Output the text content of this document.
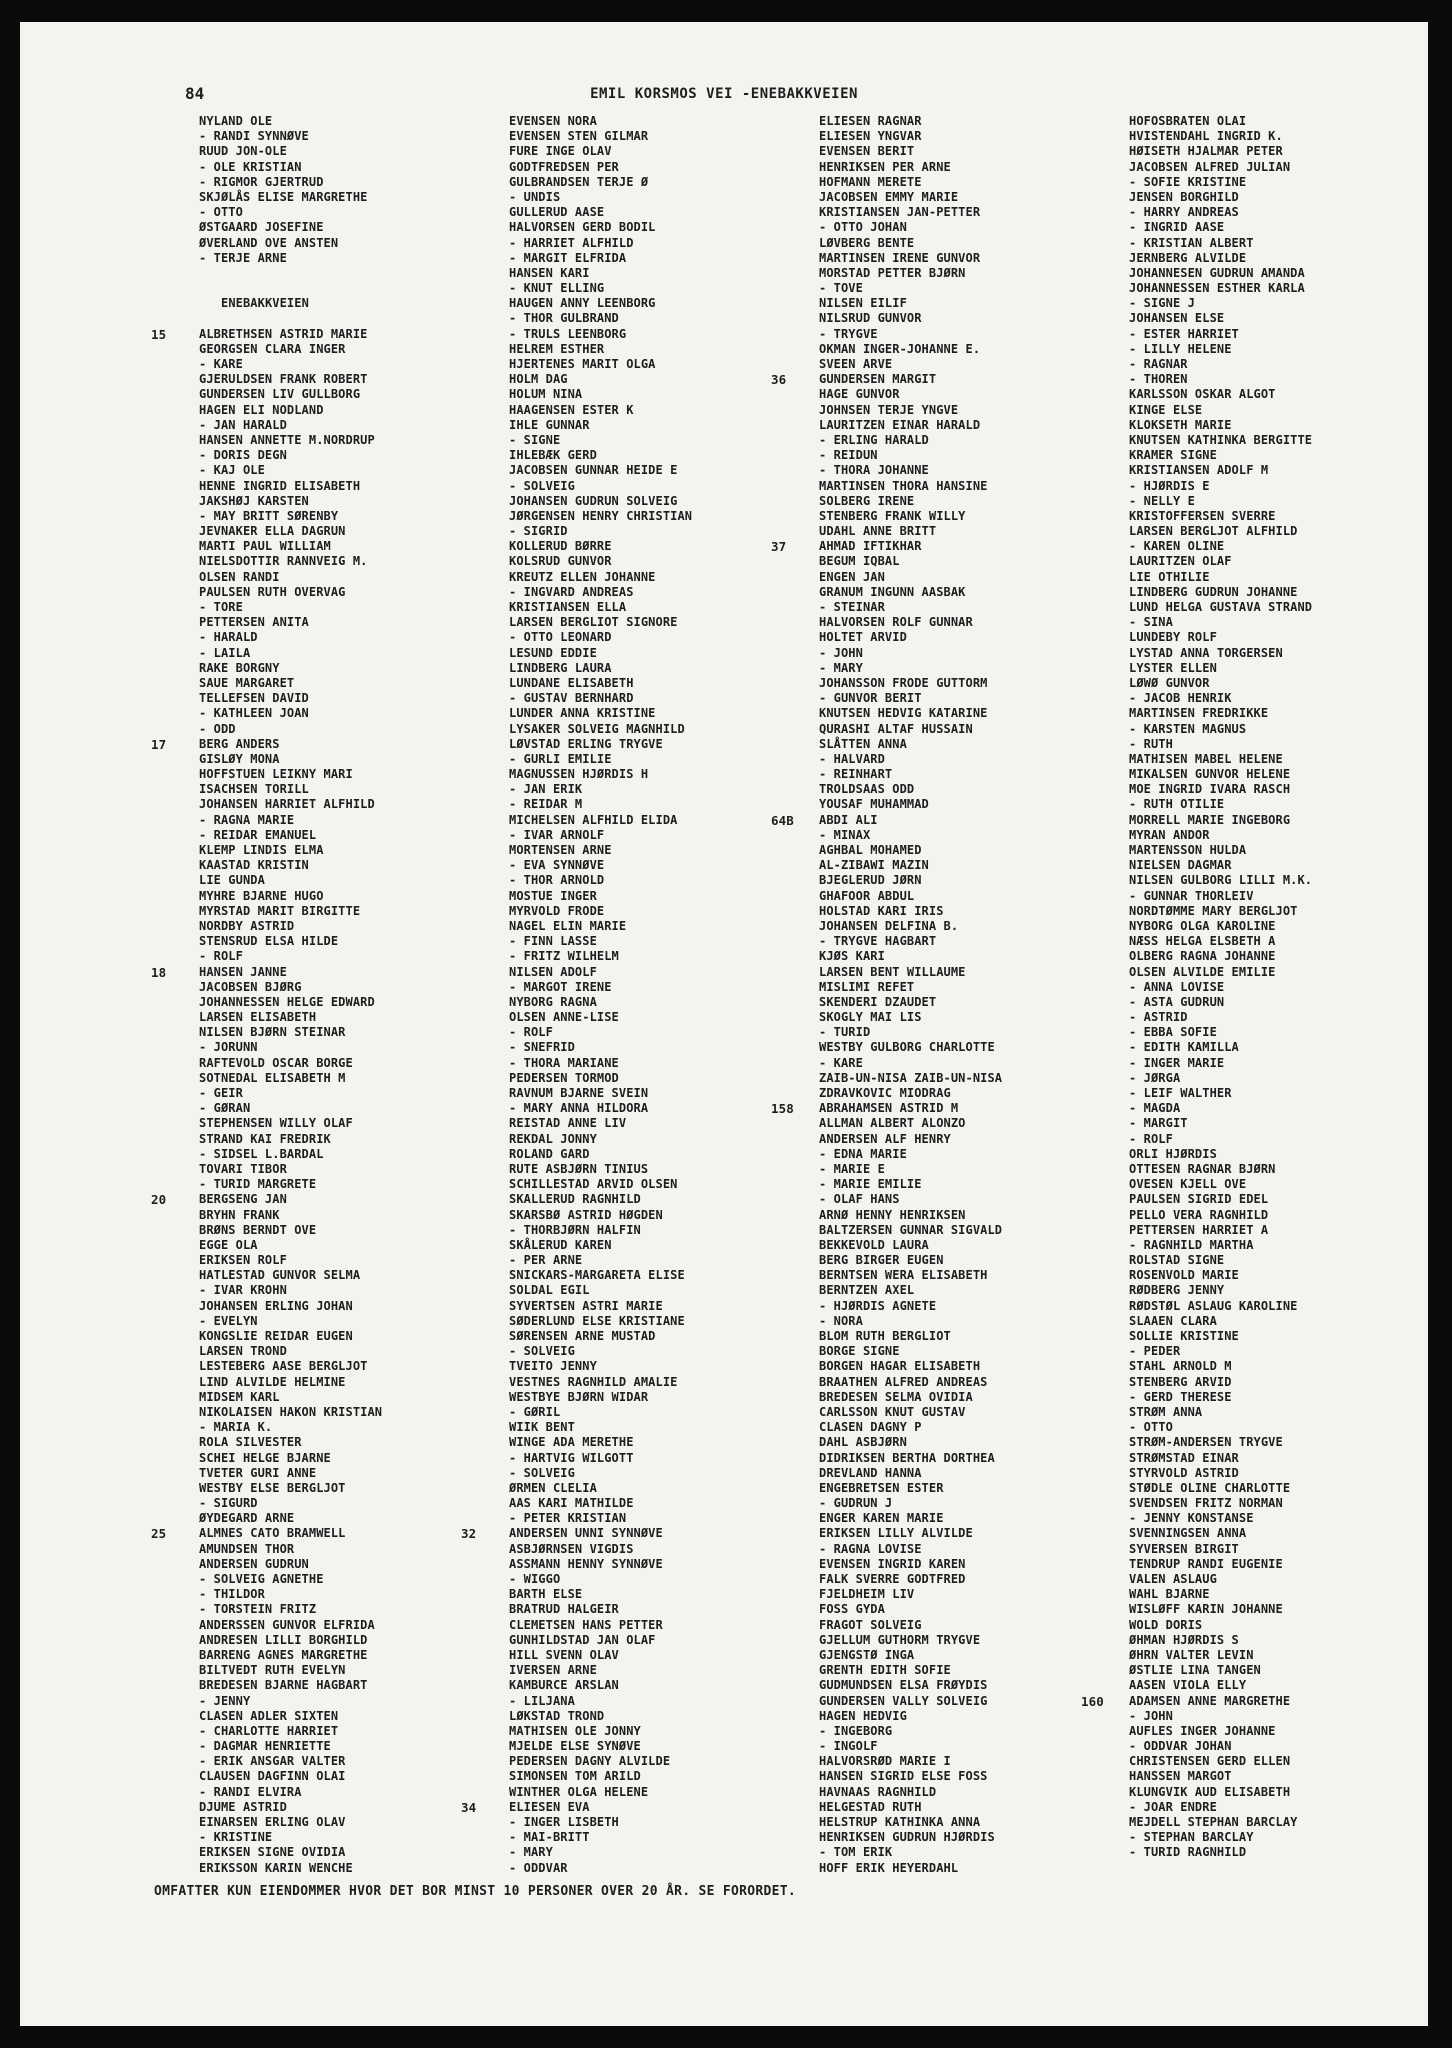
84	EMIL KORSMOS VEI -ENEBAKKVEIEN
NYLAND OLE
- RANDI SYNNØVE
RUUD JON-OLE
- OLE KRISTIAN
- RIGMOR GJERTRUD
SKJØLÅS ELISE MARGRETHE
- OTTO
ØSTGAARD JOSEFINE
ØVERLAND OVE ANSTEN
- TERJE ARNE
ENEBAKKVEIEN
15	ALBRETHSEN ASTRID MARIE
GEORGSEN CLARA INGER
- KARE
GJERULDSEN FRANK ROBERT
GUNDERSEN LIV GULLBORG
HAGEN ELI NODLAND
- JAN HARALD
HANSEN ANNETTE M.NORDRUP
- DORIS DEGN
- KAJ OLE
HENNE INGRID ELISABETH
JAKSHØJ KARSTEN
- MAY BRITT SØRENBY
JEVNAKER ELLA DAGRUN
MARTI PAUL WILLIAM
NIELSDOTTIR RANNVEIG M.
OLSEN RANDI
PAULSEN RUTH OVERVAG
- TORE
PETTERSEN ANITA
- HARALD
- LAILA
RAKE BORGNY
SAUE MARGARET
TELLEFSEN DAVID
- KATHLEEN JOAN
- ODD
17	BERG ANDERS
GISLØY MONA
HOFFSTUEN LEIKNY MARI
ISACHSEN TORILL
JOHANSEN HARRIET ALFHILD
- RAGNA MARIE
- REIDAR EMANUEL
KLEMP LINDIS ELMA
KAASTAD KRISTIN
LIE GUNDA
MYHRE BJARNE HUGO
MYRSTAD MARIT BIRGITTE
NORDBY ASTRID
STENSRUD ELSA HILDE
- ROLF
18	HANSEN JANNE
JACOBSEN BJØRG
JOHANNESSEN HELGE EDWARD
LARSEN ELISABETH
NILSEN BJØRN STEINAR
- JORUNN
RAFTEVOLD OSCAR BORGE
SOTNEDAL ELISABETH M
- GEIR
- GØRAN
STEPHENSEN WILLY OLAF
STRAND KAI FREDRIK
- SIDSEL L.BARDAL
TOVARI TIBOR
- TURID MARGRETE
20	BERGSENG JAN
BRYHN FRANK
BRØNS BERNDT OVE
EGGE OLA
ERIKSEN ROLF
HATLESTAD GUNVOR SELMA
- IVAR KROHN
JOHANSEN ERLING JOHAN
- EVELYN
KONGSLIE REIDAR EUGEN
LARSEN TROND
LESTEBERG AASE BERGLJOT
LIND ALVILDE HELMINE
MIDSEM KARL
NIKOLAISEN HAKON KRISTIAN
- MARIA K.
ROLA SILVESTER
SCHEI HELGE BJARNE
TVETER GURI ANNE
WESTBY ELSE BERGLJOT
- SIGURD
ØYDEGARD ARNE
25	ALMNES CATO BRAMWELL
AMUNDSEN THOR
ANDERSEN GUDRUN
- SOLVEIG AGNETHE
- THILDOR
- TORSTEIN FRITZ
ANDERSSEN GUNVOR ELFRIDA
ANDRESEN LILLI BORGHILD
BARRENG AGNES MARGRETHE
BILTVEDT RUTH EVELYN
BREDESEN BJARNE HAGBART
- JENNY
CLASEN ADLER SIXTEN
- CHARLOTTE HARRIET
- DAGMAR HENRIETTE
- ERIK ANSGAR VALTER
CLAUSEN DAGFINN OLAI
- RANDI ELVIRA
DJUME ASTRID
EINARSEN ERLING OLAV
- KRISTINE
ERIKSEN SIGNE OVIDIA
ERIKSSON KARIN WENCHE
EVENSEN NORA
EVENSEN STEN GILMAR
FURE INGE OLAV
GODTFREDSEN PER
GULBRANDSEN TERJE Ø
- UNDIS
GULLERUD AASE
HALVORSEN GERD BODIL
- HARRIET ALFHILD
- MARGIT ELFRIDA
HANSEN KARI
- KNUT ELLING
HAUGEN ANNY LEENBORG
- THOR GULBRAND
- TRULS LEENBORG
HELREM ESTHER
HJERTENES MARIT OLGA
HOLM DAG
HOLUM NINA
HAAGENSEN ESTER K
IHLE GUNNAR
- SIGNE
IHLEBÆK GERD
JACOBSEN GUNNAR HEIDE E
- SOLVEIG
JOHANSEN GUDRUN SOLVEIG
JØRGENSEN HENRY CHRISTIAN
- SIGRID
KOLLERUD BØRRE
KOLSRUD GUNVOR
KREUTZ ELLEN JOHANNE
- INGVARD ANDREAS
KRISTIANSEN ELLA
LARSEN BERGLIOT SIGNORE
- OTTO LEONARD
LESUND EDDIE
LINDBERG LAURA
LUNDANE ELISABETH
- GUSTAV BERNHARD
LUNDER ANNA KRISTINE
LYSAKER SOLVEIG MAGNHILD
LØVSTAD ERLING TRYGVE
- GURLI EMILIE
MAGNUSSEN HJØRDIS H
- JAN ERIK
- REIDAR M
MICHELSEN ALFHILD ELIDA
- IVAR ARNOLF
MORTENSEN ARNE
- EVA SYNNØVE
- THOR ARNOLD
MOSTUE INGER
MYRVOLD FRODE
NAGEL ELIN MARIE
- FINN LASSE
- FRITZ WILHELM
NILSEN ADOLF
- MARGOT IRENE
NYBORG RAGNA
OLSEN ANNE-LISE
- ROLF
- SNEFRID
- THORA MARIANE
PEDERSEN TORMOD
RAVNUM BJARNE SVEIN
- MARY ANNA HILDORA
REISTAD ANNE LIV
REKDAL JONNY
ROLAND GARD
RUTE ASBJØRN TINIUS
SCHILLESTAD ARVID OLSEN
SKALLERUD RAGNHILD
SKARSBØ ASTRID HØGDEN
- THORBJØRN HALFIN
SKÅLERUD KAREN
- PER ARNE
SNICKARS-MARGARETA ELISE
SOLDAL EGIL
SYVERTSEN ASTRI MARIE
SØDERLUND ELSE KRISTIANE
SØRENSEN ARNE MUSTAD
- SOLVEIG
TVEITO JENNY
VESTNES RAGNHILD AMALIE
WESTBYE BJØRN WIDAR
- GØRIL
WIIK BENT
WINGE ADA MERETHE
- HARTVIG WILGOTT
- SOLVEIG
ØRMEN CLELIA
AAS KARI MATHILDE
- PETER KRISTIAN
32	ANDERSEN UNNI SYNNØVE
ASBJØRNSEN VIGDIS
ASSMANN HENNY SYNNØVE
- WIGGO
BARTH ELSE
BRATRUD HALGEIR
CLEMETSEN HANS PETTER
GUNHILDSTAD JAN OLAF
HILL SVENN OLAV
IVERSEN ARNE
KAMBURCE ARSLAN
- LILJANA
LØKSTAD TROND
MATHISEN OLE JONNY
MJELDE ELSE SYNØVE
PEDERSEN DAGNY ALVILDE
SIMONSEN TOM ARILD
WINTHER OLGA HELENE
34	ELIESEN EVA
- INGER LISBETH
- MAI-BRITT
- MARY
- ODDVAR
ELIESEN RAGNAR
ELIESEN YNGVAR
EVENSEN BERIT
HENRIKSEN PER ARNE
HOFMANN MERETE
JACOBSEN EMMY MARIE
KRISTIANSEN JAN-PETTER
- OTTO JOHAN
LØVBERG BENTE
MARTINSEN IRENE GUNVOR
MORSTAD PETTER BJØRN
- TOVE
NILSEN EILIF
NILSRUD GUNVOR
- TRYGVE
OKMAN INGER-JOHANNE E.
SVEEN ARVE
36	GUNDERSEN MARGIT
HAGE GUNVOR
JOHNSEN TERJE YNGVE
LAURITZEN EINAR HARALD
- ERLING HARALD
- REIDUN
- THORA JOHANNE
MARTINSEN THORA HANSINE
SOLBERG IRENE
STENBERG FRANK WILLY
UDAHL ANNE BRITT
37	AHMAD IFTIKHAR
BEGUM IQBAL
ENGEN JAN
GRANUM INGUNN AASBAK
- STEINAR
HALVORSEN ROLF GUNNAR
HOLTET ARVID
- JOHN
- MARY
JOHANSSON FRODE GUTTORM
- GUNVOR BERIT
KNUTSEN HEDVIG KATARINE
QURASHI ALTAF HUSSAIN
SLÅTTEN ANNA
- HALVARD
- REINHART
TROLDSAAS ODD
YOUSAF MUHAMMAD
64B	ABDI ALI
- MINAX
AGHBAL MOHAMED
AL-ZIBAWI MAZIN
BJEGLERUD JØRN
GHAFOOR ABDUL
HOLSTAD KARI IRIS
JOHANSEN DELFINA B.
- TRYGVE HAGBART
KJØS KARI
LARSEN BENT WILLAUME
MISLIMI REFET
SKENDERI DZAUDET
SKOGLY MAI LIS
- TURID
WESTBY GULBORG CHARLOTTE
- KARE
ZAIB-UN-NISA ZAIB-UN-NISA
ZDRAVKOVIC MIODRAG
158	ABRAHAMSEN ASTRID M
ALLMAN ALBERT ALONZO
ANDERSEN ALF HENRY
- EDNA MARIE
- MARIE E
- MARIE EMILIE
- OLAF HANS
ARNØ HENNY HENRIKSEN
BALTZERSEN GUNNAR SIGVALD
BEKKEVOLD LAURA
BERG BIRGER EUGEN
BERNTSEN WERA ELISABETH
BERNTZEN AXEL
- HJØRDIS AGNETE
- NORA
BLOM RUTH BERGLIOT
BORGE SIGNE
BORGEN HAGAR ELISABETH
BRAATHEN ALFRED ANDREAS
BREDESEN SELMA OVIDIA
CARLSSON KNUT GUSTAV
CLASEN DAGNY P
DAHL ASBJØRN
DIDRIKSEN BERTHA DORTHEA
DREVLAND HANNA
ENGEBRETSEN ESTER
- GUDRUN J
ENGER KAREN MARIE
ERIKSEN LILLY ALVILDE
- RAGNA LOVISE
EVENSEN INGRID KAREN
FALK SVERRE GODTFRED
FJELDHEIM LIV
FOSS GYDA
FRAGOT SOLVEIG
GJELLUM GUTHORM TRYGVE
GJENGSTØ INGA
GRENTH EDITH SOFIE
GUDMUNDSEN ELSA FRØYDIS
GUNDERSEN VALLY SOLVEIG
HAGEN HEDVIG
- INGEBORG
- INGOLF
HALVORSRØD MARIE I
HANSEN SIGRID ELSE FOSS
HAVNAAS RAGNHILD
HELGESTAD RUTH
HELSTRUP KATHINKA ANNA
HENRIKSEN GUDRUN HJØRDIS
- TOM ERIK
HOFF ERIK HEYERDAHL
HOFOSBRATEN OLAI
HVISTENDAHL INGRID K.
HØISETH HJALMAR PETER
JACOBSEN ALFRED JULIAN
- SOFIE KRISTINE
JENSEN BORGHILD
- HARRY ANDREAS
- INGRID AASE
- KRISTIAN ALBERT
JERNBERG ALVILDE
JOHANNESEN GUDRUN AMANDA
JOHANNESSEN ESTHER KARLA
- SIGNE J
JOHANSEN ELSE
- ESTER HARRIET
- LILLY HELENE
- RAGNAR
- THOREN
KARLSSON OSKAR ALGOT
KINGE ELSE
KLOKSETH MARIE
KNUTSEN KATHINKA BERGITTE
KRAMER SIGNE
KRISTIANSEN ADOLF M
- HJØRDIS E
- NELLY E
KRISTOFFERSEN SVERRE
LARSEN BERGLJOT ALFHILD
- KAREN OLINE
LAURITZEN OLAF
LIE OTHILIE
LINDBERG GUDRUN JOHANNE
LUND HELGA GUSTAVA STRAND
- SINA
LUNDEBY ROLF
LYSTAD ANNA TORGERSEN
LYSTER ELLEN
LØWØ GUNVOR
- JACOB HENRIK
MARTINSEN FREDRIKKE
- KARSTEN MAGNUS
- RUTH
MATHISEN MABEL HELENE
MIKALSEN GUNVOR HELENE
MOE INGRID IVARA RASCH
- RUTH OTILIE
MORRELL MARIE INGEBORG
MYRAN ANDOR
MARTENSSON HULDA
NIELSEN DAGMAR
NILSEN GULBORG LILLI M.K.
- GUNNAR THORLEIV
NORDTØMME MARY BERGLJOT
NYBORG OLGA KAROLINE
NÆSS HELGA ELSBETH A
OLBERG RAGNA JOHANNE
OLSEN ALVILDE EMILIE
- ANNA LOVISE
- ASTA GUDRUN
- ASTRID
- EBBA SOFIE
- EDITH KAMILLA
- INGER MARIE
- JØRGA
- LEIF WALTHER
- MAGDA
- MARGIT
- ROLF
ORLI HJØRDIS
OTTESEN RAGNAR BJØRN
OVESEN KJELL OVE
PAULSEN SIGRID EDEL
PELLO VERA RAGNHILD
PETTERSEN HARRIET A
- RAGNHILD MARTHA
ROLSTAD SIGNE
ROSENVOLD MARIE
RØDBERG JENNY
RØDSTØL ASLAUG KAROLINE
SLAAEN CLARA
SOLLIE KRISTINE
- PEDER
STAHL ARNOLD M
STENBERG ARVID
- GERD THERESE
STRØM ANNA
- OTTO
STRØM-ANDERSEN TRYGVE
STRØMSTAD EINAR
STYRVOLD ASTRID
STØDLE OLINE CHARLOTTE
SVENDSEN FRITZ NORMAN
- JENNY KONSTANSE
SVENNINGSEN ANNA
SYVERSEN BIRGIT
TENDRUP RANDI EUGENIE
VALEN ASLAUG
WAHL BJARNE
WISLØFF KARIN JOHANNE
WOLD DORIS
ØHMAN HJØRDIS S
ØHRN VALTER LEVIN
ØSTLIE LINA TANGEN
AASEN VIOLA ELLY
160	ADAMSEN ANNE MARGRETHE
- JOHN
AUFLES INGER JOHANNE
- ODDVAR JOHAN
CHRISTENSEN GERD ELLEN
HANSSEN MARGOT
KLUNGVIK AUD ELISABETH
- JOAR ENDRE
MEJDELL STEPHAN BARCLAY
- STEPHAN BARCLAY
- TURID RAGNHILD
OMFATTER KUN EIENDOMMER HVOR DET BOR MINST 10 PERSONER OVER 20 ÅR. SE FORORDET.
